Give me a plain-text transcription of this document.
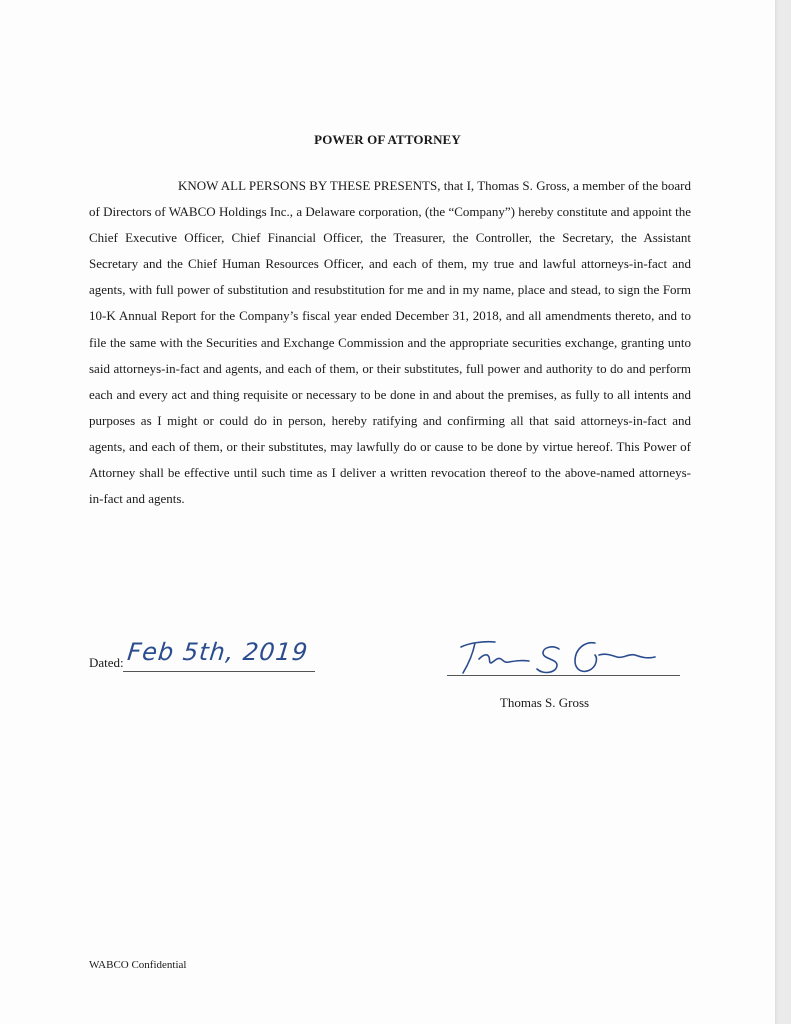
POWER OF ATTORNEY

KNOW ALL PERSONS BY THESE PRESENTS, that I, Thomas S. Gross, a member of the board of Directors of WABCO Holdings Inc., a Delaware corporation, (the “Company”) hereby constitute and appoint the Chief Executive Officer, Chief Financial Officer, the Treasurer, the Controller, the Secretary, the Assistant Secretary and the Chief Human Resources Officer, and each of them, my true and lawful attorneys-in-fact and agents, with full power of substitution and resubstitution for me and in my name, place and stead, to sign the Form 10-K Annual Report for the Company’s fiscal year ended December 31, 2018, and all amendments thereto, and to file the same with the Securities and Exchange Commission and the appropriate securities exchange, granting unto said attorneys-in-fact and agents, and each of them, or their substitutes, full power and authority to do and perform each and every act and thing requisite or necessary to be done in and about the premises, as fully to all intents and purposes as I might or could do in person, hereby ratifying and confirming all that said attorneys-in-fact and agents, and each of them, or their substitutes, may lawfully do or cause to be done by virtue hereof. This Power of Attorney shall be effective until such time as I deliver a written revocation thereof to the above-named attorneys-in-fact and agents.

Dated: Feb 5th, 2019
Thomas S. Gross
WABCO Confidential
